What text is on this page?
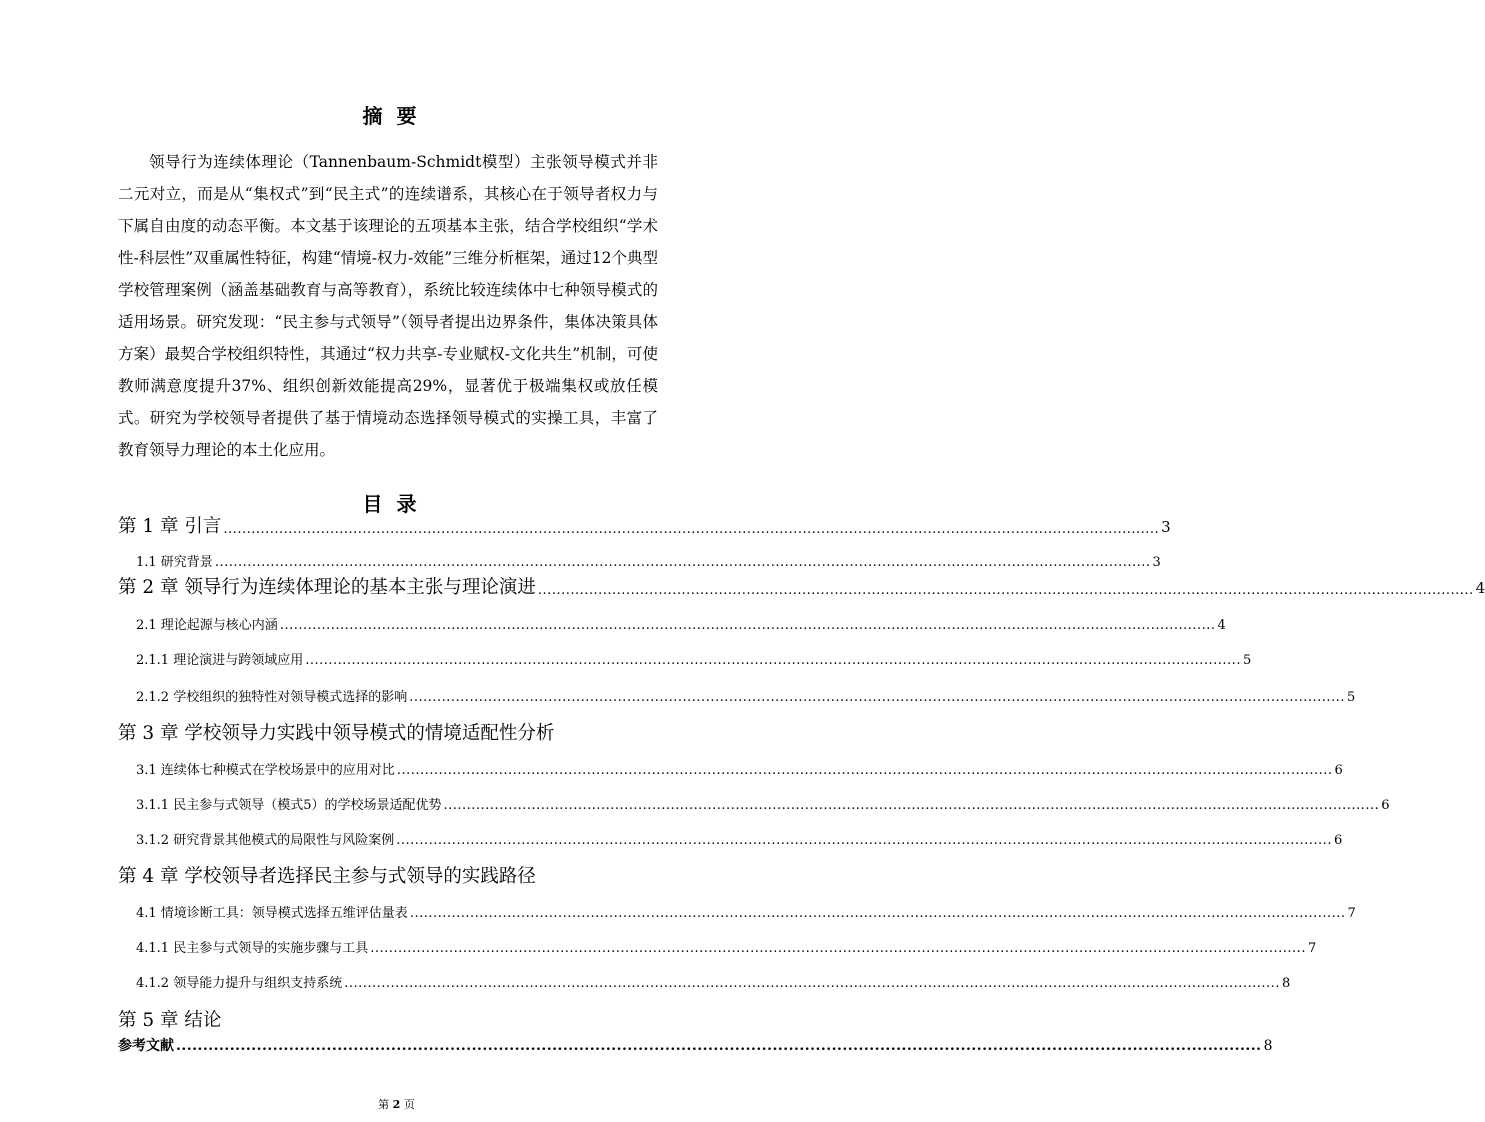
摘要
领导行为连续体理论（Tannenbaum-Schmidt模型）主张领导模式并非二元对立，而是从“集权式”到“民主式”的连续谱系，其核心在于领导者权力与下属自由度的动态平衡。本文基于该理论的五项基本主张，结合学校组织“学术性-科层性”双重属性特征，构建“情境-权力-效能”三维分析框架，通过12个典型学校管理案例（涵盖基础教育与高等教育），系统比较连续体中七种领导模式的适用场景。研究发现：“民主参与式领导”（领导者提出边界条件，集体决策具体方案）最契合学校组织特性，其通过“权力共享-专业赋权-文化共生”机制，可使教师满意度提升37%、组织创新效能提高29%，显著优于极端集权或放任模式。研究为学校领导者提供了基于情境动态选择领导模式的实操工具，丰富了教育领导力理论的本土化应用。
目录
第 1 章 引言 .......................................................................................................................................................................................................... 3
1.1 研究背景 .......................................................................................................................................................................................................... 3
第 2 章 领导行为连续体理论的基本主张与理论演进 .......................................................................................................................................................................................................... 4
2.1 理论起源与核心内涵 .......................................................................................................................................................................................................... 4
2.1.1 理论演进与跨领域应用 .......................................................................................................................................................................................................... 5
2.1.2 学校组织的独特性对领导模式选择的影响 .......................................................................................................................................................................................................... 5
第 3 章 学校领导力实践中领导模式的情境适配性分析
3.1 连续体七种模式在学校场景中的应用对比 .......................................................................................................................................................................................................... 6
3.1.1 民主参与式领导（模式5）的学校场景适配优势 .......................................................................................................................................................................................................... 6
3.1.2 研究背景其他模式的局限性与风险案例 .......................................................................................................................................................................................................... 6
第 4 章 学校领导者选择民主参与式领导的实践路径
4.1 情境诊断工具：领导模式选择五维评估量表 .......................................................................................................................................................................................................... 7
4.1.1 民主参与式领导的实施步骤与工具 .......................................................................................................................................................................................................... 7
4.1.2 领导能力提升与组织支持系统 .......................................................................................................................................................................................................... 8
第 5 章 结论
参考文献 .......................................................................................................................................................................................................... 8
第 2 页
